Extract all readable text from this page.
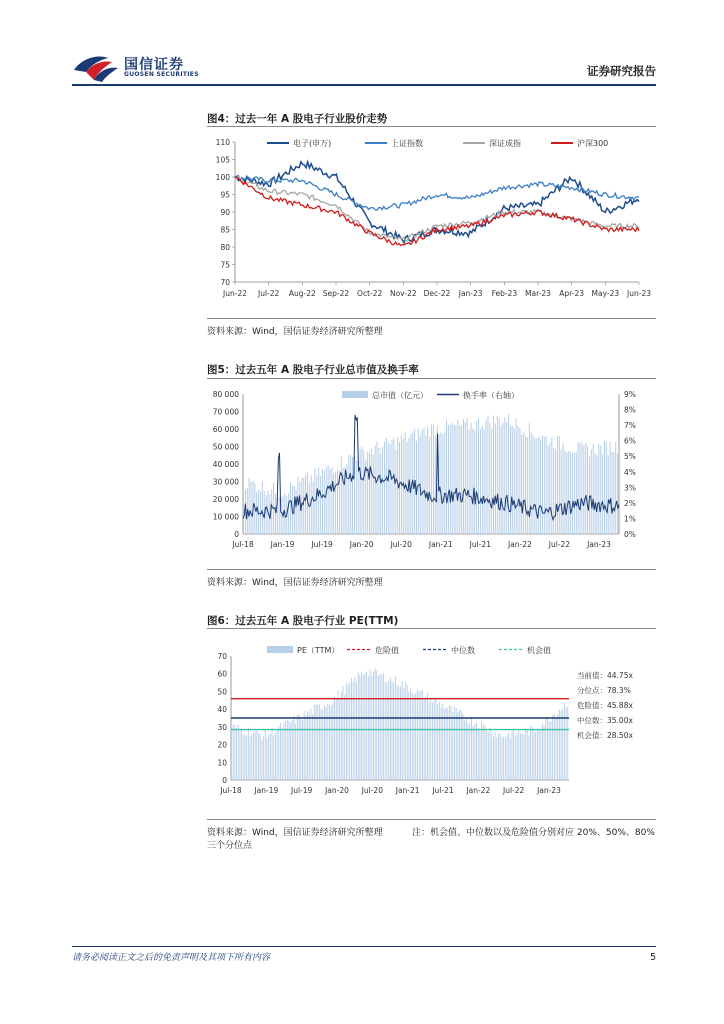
国信证券
GUOSEN SECURITIES	证券研究报告
图4：过去一年 A 股电子行业股价走势
70
75
80
85
90
95
100
105
110
Jun-22 Jul-22 Aug-22 Sep-22 Oct-22 Nov-22 Dec-22 Jan-23 Feb-23 Mar-23 Apr-23 May-23 Jun-23
电子(申万)	上证指数	深证成指	沪深300
资料来源：Wind，国信证券经济研究所整理
图5：过去五年 A 股电子行业总市值及换手率
0
10 000
20 000
30 000
40 000
50 000
60 000
70 000
80 000
0%
1%
2%
3%
4%
5%
6%
7%
8%
9%
Jul-18 Jan-19 Jul-19 Jan-20 Jul-20 Jan-21 Jul-21 Jan-22 Jul-22 Jan-23
总市值（亿元）	换手率（右轴）
资料来源：Wind，国信证券经济研究所整理
图6：过去五年 A 股电子行业 PE(TTM)
0
10
20
30
40
50
60
70
Jul-18 Jan-19 Jul-19 Jan-20 Jul-20 Jan-21 Jul-21 Jan-22 Jul-22 Jan-23
PE（TTM）	危险值	中位数	机会值
当前值：44.75x
分位点：78.3%
危险值：45.88x
中位数：35.00x
机会值：28.50x
资料来源：Wind，国信证券经济研究所整理	注：机会值、中位数以及危险值分别对应 20%、50%、80%
三个分位点
请务必阅读正文之后的免责声明及其项下所有内容	5
